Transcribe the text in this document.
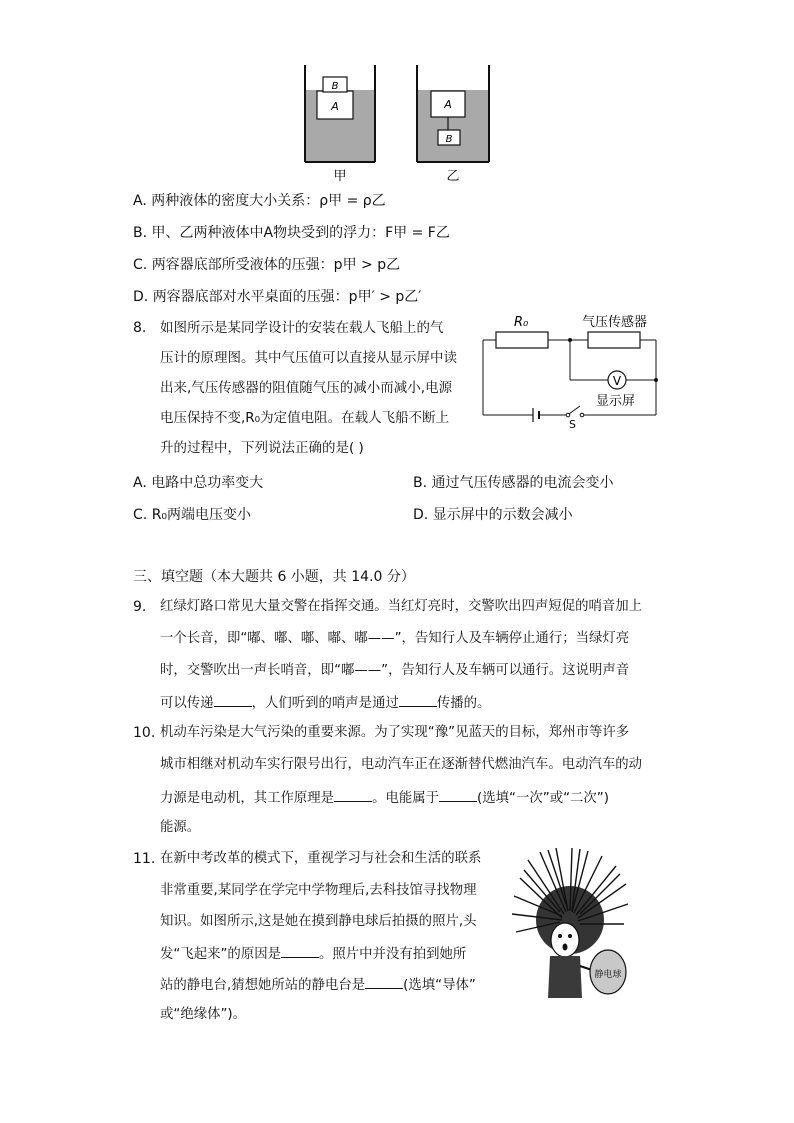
A
B
甲
A
B
乙
A. 两种液体的密度大小关系：ρ甲 = ρ乙
B. 甲、乙两种液体中A物块受到的浮力：F甲 = F乙
C. 两容器底部所受液体的压强：p甲 > p乙
D. 两容器底部对水平桌面的压强：p甲′ > p乙′
8. 如图所示是某同学设计的安装在载人飞船上的气
压计的原理图。其中气压值可以直接从显示屏中读
出来,气压传感器的阻值随气压的减小而减小,电源
电压保持不变,R₀为定值电阻。在载人飞船不断上
升的过程中，下列说法正确的是( )
V
R₀	气压传感器
显示屏
S
A. 电路中总功率变大	B. 通过气压传感器的电流会变小
C. R₀两端电压变小	D. 显示屏中的示数会减小
三、填空题（本大题共 6 小题，共 14.0 分）
9. 红绿灯路口常见大量交警在指挥交通。当红灯亮时，交警吹出四声短促的哨音加上
一个长音，即“嘟、嘟、嘟、嘟、嘟——”，告知行人及车辆停止通行；当绿灯亮
时，交警吹出一声长哨音，即“嘟——”，告知行人及车辆可以通行。这说明声音
可以传递	，人们听到的哨声是通过	传播的。
10. 机动车污染是大气污染的重要来源。为了实现“豫”见蓝天的目标，郑州市等许多
城市相继对机动车实行限号出行，电动汽车正在逐渐替代燃油汽车。电动汽车的动
力源是电动机，其工作原理是	。电能属于	(选填“一次”或“二次”)
能源。
11. 在新中考改革的模式下，重视学习与社会和生活的联系
非常重要,某同学在学完中学物理后,去科技馆寻找物理
知识。如图所示,这是她在摸到静电球后拍摄的照片,头
发“飞起来”的原因是	。照片中并没有拍到她所
站的静电台,猜想她所站的静电台是	(选填“导体”
或“绝缘体”)。
静电球
